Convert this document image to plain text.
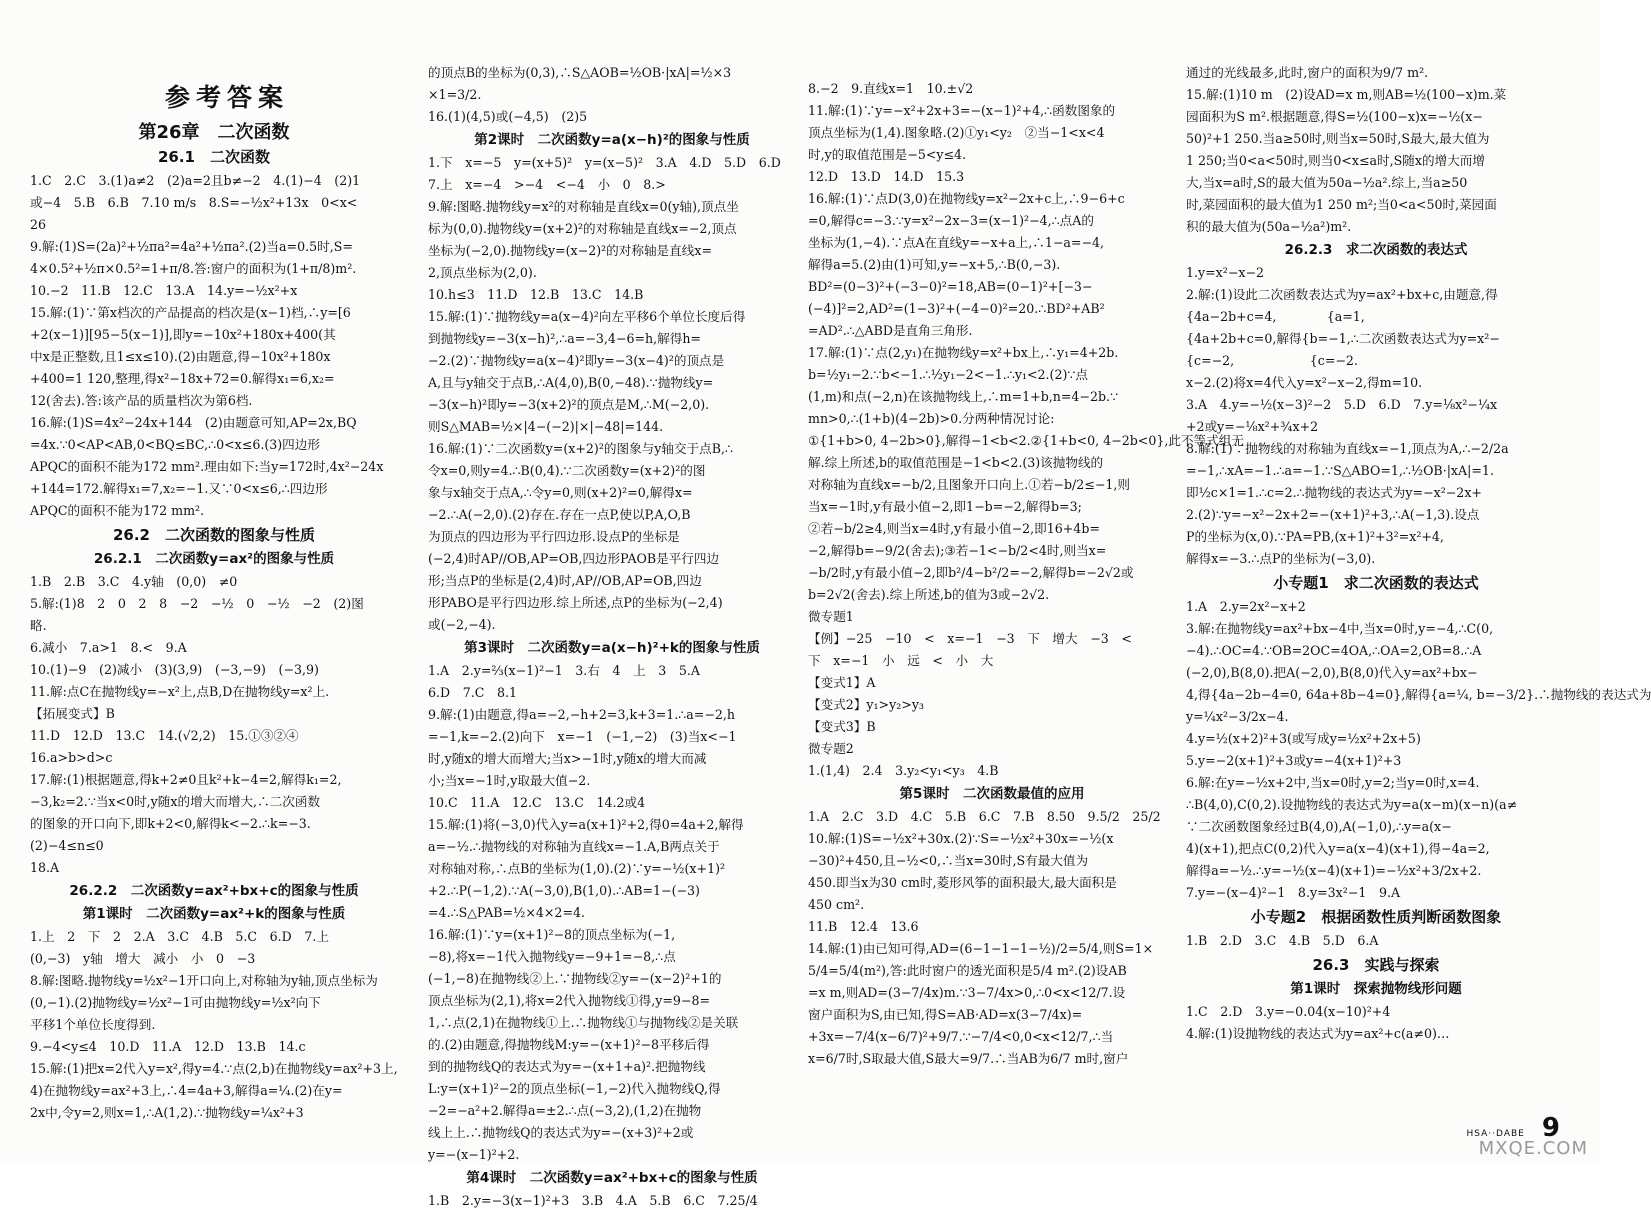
参考答案
第26章　二次函数
26.1　二次函数
1.C　2.C　3.(1)a≠2　(2)a=2且b≠−2　4.(1)−4　(2)1
或−4　5.B　6.B　7.10 m/s　8.S=−½x²+13x　0<x<
26
9.解:(1)S=(2a)²+½πa²=4a²+½πa².(2)当a=0.5时,S=
4×0.5²+½π×0.5²=1+π/8.答:窗户的面积为(1+π/8)m².
10.−2　11.B　12.C　13.A　14.y=−½x²+x
15.解:(1)∵第x档次的产品提高的档次是(x−1)档,∴y=[6
+2(x−1)][95−5(x−1)],即y=−10x²+180x+400(其
中x是正整数,且1≤x≤10).(2)由题意,得−10x²+180x
+400=1 120,整理,得x²−18x+72=0.解得x₁=6,x₂=
12(舍去).答:该产品的质量档次为第6档.
16.解:(1)S=4x²−24x+144　(2)由题意可知,AP=2x,BQ
=4x.∵0<AP<AB,0<BQ≤BC,∴0<x≤6.(3)四边形
APQC的面积不能为172 mm².理由如下:当y=172时,4x²−24x
+144=172.解得x₁=7,x₂=−1.又∵0<x≤6,∴四边形
APQC的面积不能为172 mm².
26.2　二次函数的图象与性质
26.2.1　二次函数y=ax²的图象与性质
1.B　2.B　3.C　4.y轴　(0,0)　≠0
5.解:(1)8　2　0　2　8　−2　−½　0　−½　−2　(2)图
略.
6.减小　7.a>1　8.<　9.A
10.(1)−9　(2)减小　(3)(3,9)　(−3,−9)　(−3,9)
11.解:点C在抛物线y=−x²上,点B,D在抛物线y=x²上.
【拓展变式】B
11.D　12.D　13.C　14.(√2,2)　15.①③②④
16.a>b>d>c
17.解:(1)根据题意,得k+2≠0且k²+k−4=2,解得k₁=2,
−3,k₂=2.∵当x<0时,y随x的增大而增大,∴二次函数
的图象的开口向下,即k+2<0,解得k<−2.∴k=−3.
(2)−4≤n≤0
18.A
26.2.2　二次函数y=ax²+bx+c的图象与性质
第1课时　二次函数y=ax²+k的图象与性质
1.上　2　下　2　2.A　3.C　4.B　5.C　6.D　7.上
(0,−3)　y轴　增大　减小　小　0　−3
8.解:图略.抛物线y=½x²−1开口向上,对称轴为y轴,顶点坐标为
(0,−1).(2)抛物线y=½x²−1可由抛物线y=½x²向下
平移1个单位长度得到.
9.−4<y≤4　10.D　11.A　12.D　13.B　14.c
15.解:(1)把x=2代入y=x²,得y=4.∵点(2,b)在抛物线y=ax²+3上,
4)在抛物线y=ax²+3上,∴4=4a+3,解得a=¼.(2)在y=
2x中,令y=2,则x=1,∴A(1,2).∵抛物线y=¼x²+3
的顶点B的坐标为(0,3),∴S△AOB=½OB·|xA|=½×3
×1=3/2.
16.(1)(4,5)或(−4,5)　(2)5
第2课时　二次函数y=a(x−h)²的图象与性质
1.下　x=−5　y=(x+5)²　y=(x−5)²　3.A　4.D　5.D　6.D
7.上　x=−4　>−4　<−4　小　0　8.>
9.解:图略.抛物线y=x²的对称轴是直线x=0(y轴),顶点坐
标为(0,0).抛物线y=(x+2)²的对称轴是直线x=−2,顶点
坐标为(−2,0).抛物线y=(x−2)²的对称轴是直线x=
2,顶点坐标为(2,0).
10.h≤3　11.D　12.B　13.C　14.B
15.解:(1)∵抛物线y=a(x−4)²向左平移6个单位长度后得
到抛物线y=−3(x−h)²,∴a=−3,4−6=h,解得h=
−2.(2)∵抛物线y=a(x−4)²即y=−3(x−4)²的顶点是
A,且与y轴交于点B,∴A(4,0),B(0,−48).∵抛物线y=
−3(x−h)²即y=−3(x+2)²的顶点是M,∴M(−2,0).
则S△MAB=½×|4−(−2)|×|−48|=144.
16.解:(1)∵二次函数y=(x+2)²的图象与y轴交于点B,∴
令x=0,则y=4.∴B(0,4).∵二次函数y=(x+2)²的图
象与x轴交于点A,∴令y=0,则(x+2)²=0,解得x=
−2.∴A(−2,0).(2)存在.存在一点P,使以P,A,O,B
为顶点的四边形为平行四边形.设点P的坐标是
(−2,4)时AP//OB,AP=OB,四边形PAOB是平行四边
形;当点P的坐标是(2,4)时,AP//OB,AP=OB,四边
形PABO是平行四边形.综上所述,点P的坐标为(−2,4)
或(−2,−4).
第3课时　二次函数y=a(x−h)²+k的图象与性质
1.A　2.y=⅔(x−1)²−1　3.右　4　上　3　5.A
6.D　7.C　8.1
9.解:(1)由题意,得a=−2,−h+2=3,k+3=1.∴a=−2,h
=−1,k=−2.(2)向下　x=−1　(−1,−2)　(3)当x<−1
时,y随x的增大而增大;当x>−1时,y随x的增大而减
小;当x=−1时,y取最大值−2.
10.C　11.A　12.C　13.C　14.2或4
15.解:(1)将(−3,0)代入y=a(x+1)²+2,得0=4a+2,解得
a=−½.∴抛物线的对称轴为直线x=−1.A,B两点关于
对称轴对称,∴点B的坐标为(1,0).(2)∵y=−½(x+1)²
+2.∴P(−1,2).∵A(−3,0),B(1,0).∴AB=1−(−3)
=4.∴S△PAB=½×4×2=4.
16.解:(1)∵y=(x+1)²−8的顶点坐标为(−1,
−8),将x=−1代入抛物线y=−9+1=−8,∴点
(−1,−8)在抛物线②上.∵抛物线②y=−(x−2)²+1的
顶点坐标为(2,1),将x=2代入抛物线①得,y=9−8=
1,∴点(2,1)在抛物线①上.∴抛物线①与抛物线②是关联
的.(2)由题意,得抛物线M:y=−(x+1)²−8平移后得
到的抛物线Q的表达式为y=−(x+1+a)².把抛物线
L:y=(x+1)²−2的顶点坐标(−1,−2)代入抛物线Q,得
−2=−a²+2.解得a=±2.∴点(−3,2),(1,2)在抛物
线上上.∴抛物线Q的表达式为y=−(x+3)²+2或
y=−(x−1)²+2.
第4课时　二次函数y=ax²+bx+c的图象与性质
1.B　2.y=−3(x−1)²+3　3.B　4.A　5.B　6.C　7.25/4
8.−2　9.直线x=1　10.±√2
11.解:(1)∵y=−x²+2x+3=−(x−1)²+4,∴函数图象的
顶点坐标为(1,4).图象略.(2)①y₁<y₂　②当−1<x<4
时,y的取值范围是−5<y≤4.
12.D　13.D　14.D　15.3
16.解:(1)∵点D(3,0)在抛物线y=x²−2x+c上,∴9−6+c
=0,解得c=−3.∵y=x²−2x−3=(x−1)²−4,∴点A的
坐标为(1,−4).∵点A在直线y=−x+a上,∴1−a=−4,
解得a=5.(2)由(1)可知,y=−x+5,∴B(0,−3).
BD²=(0−3)²+(−3−0)²=18,AB=(0−1)²+[−3−
(−4)]²=2,AD²=(1−3)²+(−4−0)²=20.∴BD²+AB²
=AD².∴△ABD是直角三角形.
17.解:(1)∵点(2,y₁)在抛物线y=x²+bx上,∴y₁=4+2b.
b=½y₁−2.∵b<−1.∴½y₁−2<−1.∴y₁<2.(2)∵点
(1,m)和点(−2,n)在该抛物线上,∴m=1+b,n=4−2b.∵
mn>0,∴(1+b)(4−2b)>0.分两种情况讨论:
①{1+b>0, 4−2b>0},解得−1<b<2.②{1+b<0, 4−2b<0},此不等式组无
解.综上所述,b的取值范围是−1<b<2.(3)该抛物线的
对称轴为直线x=−b/2,且图象开口向上.①若−b/2≤−1,则
当x=−1时,y有最小值−2,即1−b=−2,解得b=3;
②若−b/2≥4,则当x=4时,y有最小值−2,即16+4b=
−2,解得b=−9/2(舍去);③若−1<−b/2<4时,则当x=
−b/2时,y有最小值−2,即b²/4−b²/2=−2,解得b=−2√2或
b=2√2(舍去).综上所述,b的值为3或−2√2.
微专题1
【例】−25　−10　<　x=−1　−3　下　增大　−3　<
下　x=−1　小　远　<　小　大
【变式1】A
【变式2】y₁>y₂>y₃
【变式3】B
微专题2
1.(1,4)　2.4　3.y₂<y₁<y₃　4.B
第5课时　二次函数最值的应用
1.A　2.C　3.D　4.C　5.B　6.C　7.B　8.50　9.5/2　25/2
10.解:(1)S=−½x²+30x.(2)∵S=−½x²+30x=−½(x
−30)²+450,且−½<0,∴当x=30时,S有最大值为
450.即当x为30 cm时,菱形风筝的面积最大,最大面积是
450 cm².
11.B　12.4　13.6
14.解:(1)由已知可得,AD=(6−1−1−1−½)/2=5/4,则S=1×
5/4=5/4(m²),答:此时窗户的透光面积是5/4 m².(2)设AB
=x m,则AD=(3−7/4x)m.∵3−7/4x>0,∴0<x<12/7.设
窗户面积为S,由已知,得S=AB·AD=x(3−7/4x)=
+3x=−7/4(x−6/7)²+9/7.∵−7/4<0,0<x<12/7,∴当
x=6/7时,S取最大值,S最大=9/7.∴当AB为6/7 m时,窗户
通过的光线最多,此时,窗户的面积为9/7 m².
15.解:(1)10 m　(2)设AD=x m,则AB=½(100−x)m.菜
园面积为S m².根据题意,得S=½(100−x)x=−½(x−
50)²+1 250.当a≥50时,则当x=50时,S最大,最大值为
1 250;当0<a<50时,则当0<x≤a时,S随x的增大而增
大,当x=a时,S的最大值为50a−½a².综上,当a≥50
时,菜园面积的最大值为1 250 m²;当0<a<50时,菜园面
积的最大值为(50a−½a²)m².
26.2.3　求二次函数的表达式
1.y=x²−x−2
2.解:(1)设此二次函数表达式为y=ax²+bx+c,由题意,得
{4a−2b+c=4,　　　　{a=1,
{4a+2b+c=0,解得{b=−1,∴二次函数表达式为y=x²−
{c=−2,　　　　　　{c=−2.
x−2.(2)将x=4代入y=x²−x−2,得m=10.
3.A　4.y=−½(x−3)²−2　5.D　6.D　7.y=⅛x²−¼x
+2或y=−⅛x²+¾x+2
8.解:(1)∵抛物线的对称轴为直线x=−1,顶点为A,∴−2/2a
=−1,∴xA=−1.∴a=−1.∵S△ABO=1,∴½OB·|xA|=1.
即½c×1=1.∴c=2.∴抛物线的表达式为y=−x²−2x+
2.(2)∵y=−x²−2x+2=−(x+1)²+3,∴A(−1,3).设点
P的坐标为(x,0).∵PA=PB,(x+1)²+3²=x²+4,
解得x=−3.∴点P的坐标为(−3,0).
小专题1　求二次函数的表达式
1.A　2.y=2x²−x+2
3.解:在抛物线y=ax²+bx−4中,当x=0时,y=−4,∴C(0,
−4).∴OC=4.∵OB=2OC=4OA,∴OA=2,OB=8.∴A
(−2,0),B(8,0).把A(−2,0),B(8,0)代入y=ax²+bx−
4,得{4a−2b−4=0, 64a+8b−4=0},解得{a=¼, b=−3/2}.∴抛物线的表达式为
y=¼x²−3/2x−4.
4.y=½(x+2)²+3(或写成y=½x²+2x+5)
5.y=−2(x+1)²+3或y=−4(x+1)²+3
6.解:在y=−½x+2中,当x=0时,y=2;当y=0时,x=4.
∴B(4,0),C(0,2).设抛物线的表达式为y=a(x−m)(x−n)(a≠
∵二次函数图象经过B(4,0),A(−1,0),∴y=a(x−
4)(x+1),把点C(0,2)代入y=a(x−4)(x+1),得−4a=2,
解得a=−½.∴y=−½(x−4)(x+1)=−½x²+3/2x+2.
7.y=−(x−4)²−1　8.y=3x²−1　9.A
小专题2　根据函数性质判断函数图象
1.B　2.D　3.C　4.B　5.D　6.A
26.3　实践与探索
第1课时　探索抛物线形问题
1.C　2.D　3.y=−0.04(x−10)²+4
4.解:(1)设抛物线的表达式为y=ax²+c(a≠0)…
HSA··DABE 9
MXQE.COM
